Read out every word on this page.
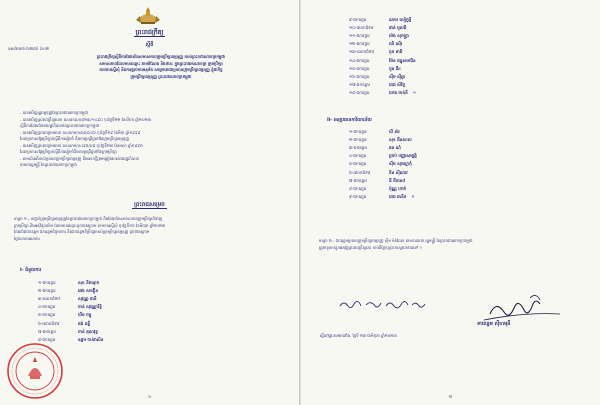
ព្រះរាជក្រឹត្យ
នស/រកត/០៦២៣/ ៦០២
ស្តីពី
ព្រះរាជក្រឹត្យស្តីពីការតែងតាំងសមាសភាពក្រុមប្រឹក្សាធម្មនុញ្ញ របស់ព្រះរាជាណាចក្រកម្ពុជា
សមាសភាពដែលមានឈ្មោះ តាមតំណែង និងឋានៈ ក្នុងព្រះរាជអាណាចក្រ ក្រុមប្រឹក្សា
តាមការស្នើសុំ និងការផ្តល់ការអនុម័ត សម្តេចតេជោប្រធានក្រុមប្រឹក្សាធម្មនុញ្ញ ខ្ញុំជាកិច្ច
ក្រុមប្រឹក្សាធម្មនុញ្ញ ព្រះរាជាណាចក្រកម្ពុជា
- បានឃើញរដ្ឋធម្មនុញ្ញនៃព្រះរាជាណាចក្រកម្ពុជា
- បានឃើញព្រះរាជក្រឹត្យលេខ នស/រកត/០៨២៣/១៤៩០ ចុះថ្ងៃទី២២ ខែសីហា ឆ្នាំ២០២៣
ស្តីពីការតែងតាំងរាជរដ្ឋាភិបាលនៃព្រះរាជាណាចក្រកម្ពុជា
- បានឃើញព្រះរាជក្រមលេខ នស/រកម/០៣៩៨/០៦ ចុះថ្ងៃទី១៩ ខែមីនា ឆ្នាំ១៩៩៨
ដែលប្រកាសឱ្យប្រើច្បាប់ស្តីពីការរៀបចំ និងការប្រព្រឹត្តទៅនៃក្រុមប្រឹក្សាធម្មនុញ្ញ
- បានឃើញព្រះរាជក្រមលេខ នស/រកម/០៤៩៥/០៨ ចុះថ្ងៃទី២៣ ខែមេសា ឆ្នាំ១៩៩៥
ដែលប្រកាសឱ្យប្រើច្បាប់ស្តីពីការរៀបចំនិងការប្រព្រឹត្តទៅនៃក្រុមប្រឹក្សា
- តាមសំណើរបស់ប្រធានក្រុមប្រឹក្សាធម្មនុញ្ញ និងសេចក្តីព្រមព្រៀងរបស់រាជរដ្ឋាភិបាល
នាយករដ្ឋមន្ត្រី នៃព្រះរាជាណាចក្រកម្ពុជា
ព្រះរាជសម្រេច
មាត្រា ១.- បញ្ជាក់ក្រុមប្រឹក្សាធម្មនុញ្ញនៃព្រះរាជាណាចក្រកម្ពុជា និងតែងតាំងសមាសភាពក្រុមប្រឹក្សាជំនាញ
ក្រុមប្រឹក្សា និងអនុវិទ្យាល័យ ដែលមានឈ្មោះដូចខាងក្រោម តាមការស្នើសុំ ចុះថ្ងៃទី១៦ ខែមិថុនា ឆ្នាំ២០២៣
តែងតាំងឯកឧត្តម ឯកឧត្តមជំនួយការ និងឯកឧត្តមទីប្រឹក្សារបស់ក្រុមប្រឹក្សាធម្មនុញ្ញ ដូចខាងក្រោម
ផ្នែកសាធារណការ
I- ជំនួយការ
១-ឯកឧត្តម	សុខ នឹកណុក
២-ឯកឧត្តម	ឆេង សាវឿន
៣-លោកជំទាវ	សុវណ្ណ ដានី
៤-ឯកឧត្តម	ចាន់ សុវណ្ណារិទ្ធិ
៥-ឯកឧត្តម	ឃឹម ចន្ធូ
៦-លោកជំទាវ	គង់ ពន្លឺ
៧-ឯកឧត្តម	ចាន់ គុណវុទ្ធ
៨-ឯកឧត្តម	ឧត្តម ចាន់វាសិន
១
៩-ឯកឧត្តម	ណយ សៀក្ខទ្ធិ
១០-លោកជំទាវ	ផាន់ ចូលធី
១១-ឯកឧត្តម	ម៉េង សុភក្ត្រា
១២-ឯកឧត្តម	ឈិ ស៊ើរ
១៣-លោកជំទាវ	ពុទ តាតិ
១៤-ឯកឧត្តម	ម៉ែន ផន្ទុសមារ៉ែន
១៥-ឯកឧត្តម	ចូន ធីរៈ
១៦-ឯកឧត្តម	ស៊ឹម ស៊ីអ្វា
១៧-ឯកឧត្តម	ពេជ សំវិទ្ធ
១៨-ឯកឧត្តម	ហេង ចាន់នី ១
II- អនុប្រធានការិយាល័យ
១-ឯកឧត្តម	ឃី ស៊រ
២-ឯកឧត្តម	សុខ តីនសាល
៣-ឯកឧត្តម	ឆន ណំ
៤-ឯកឧត្តម	ព្រាប់ បញ្ញាសម្បត្តិ
៥-ឯកឧត្តម	ស៊ឹម សុផល្លាកុំ
៦-លោកជំទាវ	ចិន ស៊ីណាវ
៧-ឯកឧត្តម	ជី តីបសៅ
៨-ឯកឧត្តម	ប៉ុណ្ណ ហាក់
៩-ឯកឧត្តម	ពេជ ឆានីទ ១
មាត្រា ២.- ឯកឧត្តមប្រធានក្រុមប្រឹក្សាធម្មនុញ្ញ ស៊ីម ម៉ន់តែល តាមការធានា រដ្ឋមន្ត្រី នៃព្រះរាជាណាចក្រកម្ពុជា
ត្រូវទទួលបន្ទុកអនុវត្តព្រះរាជក្រឹត្យនេះ ចាប់ពីថ្ងៃចុះព្រះហស្តលេខាតទៅ ។
ទាពេន្ទម ស៊ីហមុនី
ធ្វើនៅព្រះបរមរាជវាំង, ថ្ងៃទី ២៣ ខែមិថុនា ឆ្នាំ២០២៣
២
